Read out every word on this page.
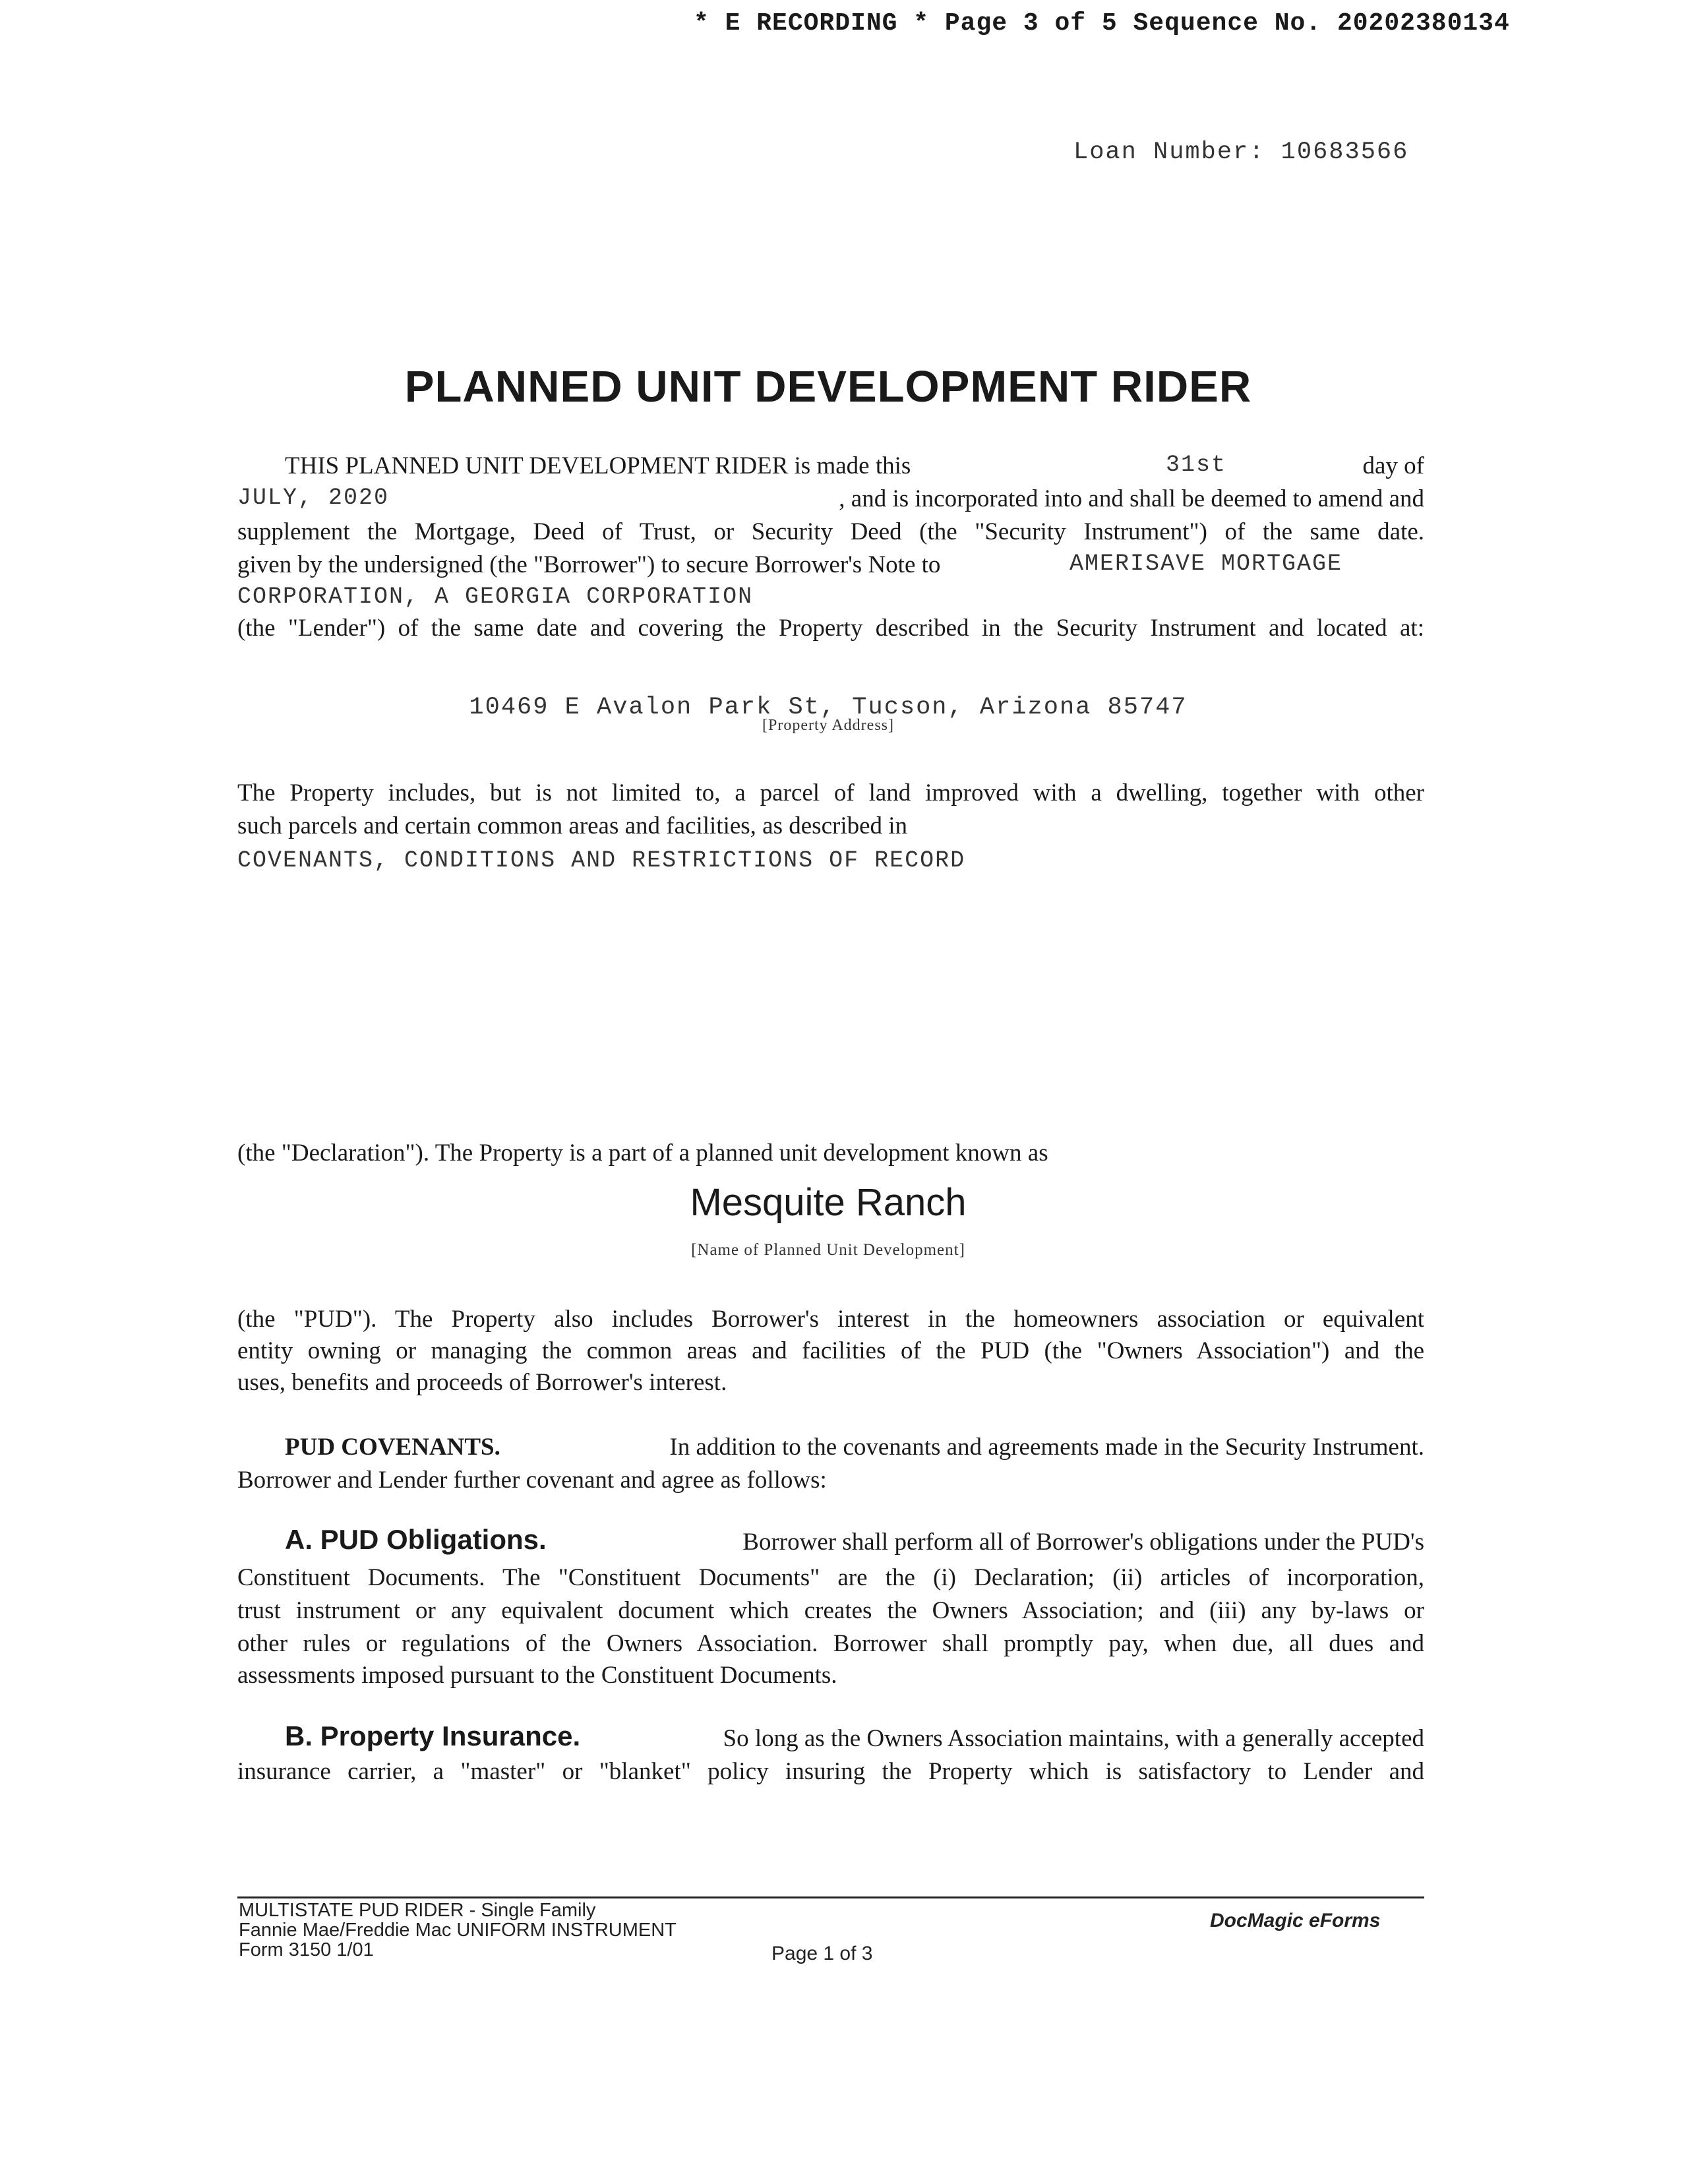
* E RECORDING * Page 3 of 5 Sequence No. 20202380134
Loan Number: 10683566
PLANNED UNIT DEVELOPMENT RIDER
THIS PLANNED UNIT DEVELOPMENT RIDER is made this	31st	day of
JULY, 2020	, and is incorporated into and shall be deemed to amend and
supplement the Mortgage, Deed of Trust, or Security Deed (the "Security Instrument") of the same date.
given by the undersigned (the "Borrower") to secure Borrower's Note to	AMERISAVE MORTGAGE
CORPORATION, A GEORGIA CORPORATION
(the "Lender") of the same date and covering the Property described in the Security Instrument and located at:
10469 E Avalon Park St, Tucson, Arizona 85747
[Property Address]
The Property includes, but is not limited to, a parcel of land improved with a dwelling, together with other
such parcels and certain common areas and facilities, as described in
COVENANTS, CONDITIONS AND RESTRICTIONS OF RECORD
(the "Declaration"). The Property is a part of a planned unit development known as
Mesquite Ranch
[Name of Planned Unit Development]
(the "PUD"). The Property also includes Borrower's interest in the homeowners association or equivalent
entity owning or managing the common areas and facilities of the PUD (the "Owners Association") and the
uses, benefits and proceeds of Borrower's interest.
PUD COVENANTS.	In addition to the covenants and agreements made in the Security Instrument.
Borrower and Lender further covenant and agree as follows:
A. PUD Obligations.	Borrower shall perform all of Borrower's obligations under the PUD's
Constituent Documents. The "Constituent Documents" are the (i) Declaration; (ii) articles of incorporation,
trust instrument or any equivalent document which creates the Owners Association; and (iii) any by-laws or
other rules or regulations of the Owners Association. Borrower shall promptly pay, when due, all dues and
assessments imposed pursuant to the Constituent Documents.
B. Property Insurance.	So long as the Owners Association maintains, with a generally accepted
insurance carrier, a "master" or "blanket" policy insuring the Property which is satisfactory to Lender and
MULTISTATE PUD RIDER - Single Family
Fannie Mae/Freddie Mac UNIFORM INSTRUMENT
Form 3150 1/01	Page 1 of 3
DocMagic eForms
